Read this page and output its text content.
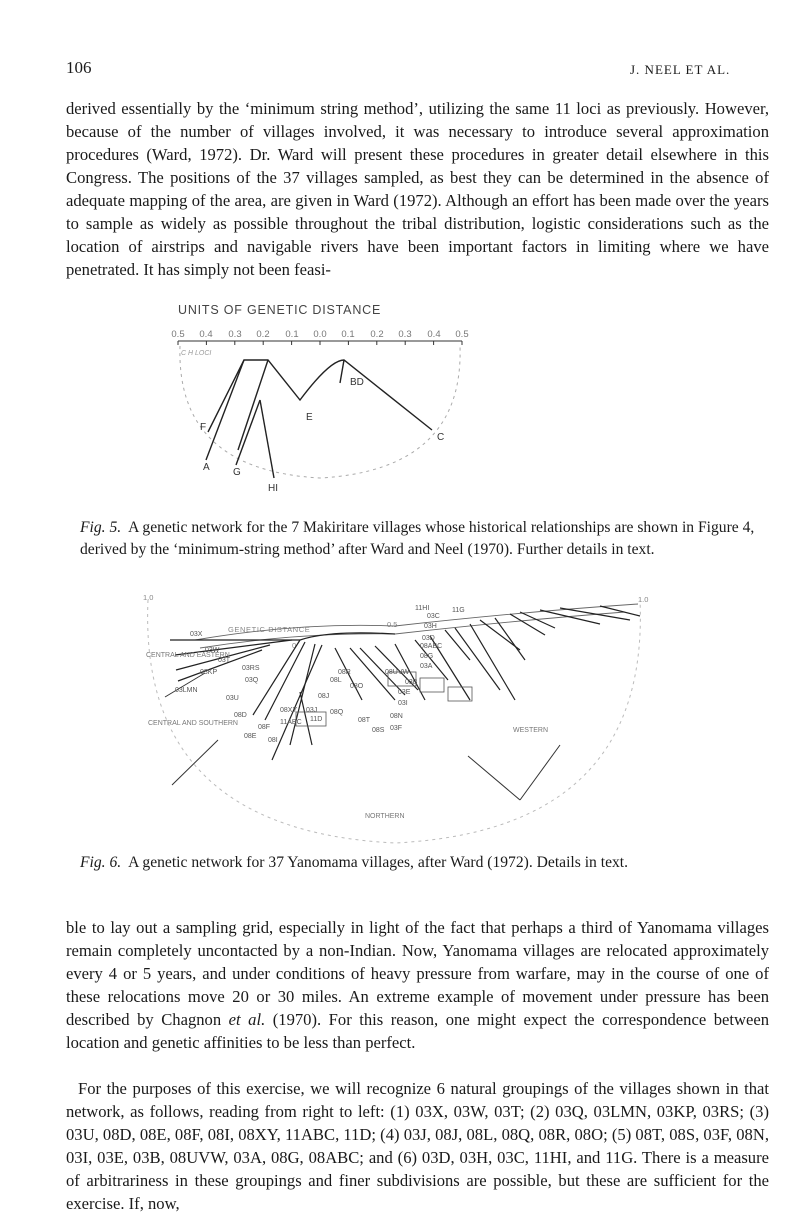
106	J. NEEL ET AL.

derived essentially by the ‘minimum string method’, utilizing the same 11 loci as previously. However, because of the number of villages involved, it was necessary to introduce several approximation procedures (Ward, 1972). Dr. Ward will present these procedures in greater detail elsewhere in this Congress. The positions of the 37 villages sampled, as best they can be determined in the absence of adequate mapping of the area, are given in Ward (1972). Although an effort has been made over the years to sample as widely as possible throughout the tribal distribution, logistic considerations such as the location of airstrips and navigable rivers have been important factors in limiting where we have penetrated. It has simply not been feasi-

UNITS OF GENETIC DISTANCE
0.5 0.4 0.3 0.2 0.1 0.0 0.1 0.2 0.3 0.4 0.5
C H LOCI
F
A G
HI
E
BD
C

Fig. 5. A genetic network for the 7 Makiritare villages whose historical relationships are shown in Figure 4, derived by the ‘minimum-string method’ after Ward and Neel (1970). Further details in text.

1.0	1.0
0.5
0
GENETIC DISTANCE
CENTRAL AND EASTERN
CENTRAL AND SOUTHERN
WESTERN
NORTHERN
03X
03W
03T
03KP
03RS
03Q
03LMN
03U
08D
08F
08E
08I
08XY
11ABC 11D
03J
08J
08L
08R
08O
08Q
08T
08S 03F
08N
03I
03E
03B
08UVW
03A
08G
08ABC
03D
03H
03C
11HI	11G

Fig. 6. A genetic network for 37 Yanomama villages, after Ward (1972). Details in text.

ble to lay out a sampling grid, especially in light of the fact that perhaps a third of Yanomama villages remain completely uncontacted by a non-Indian. Now, Yanomama villages are relocated approximately every 4 or 5 years, and under conditions of heavy pressure from warfare, may in the course of one of these relocations move 20 or 30 miles. An extreme example of movement under pressure has been described by Chagnon et al. (1970). For this reason, one might expect the correspondence between location and genetic affinities to be less than perfect.

For the purposes of this exercise, we will recognize 6 natural groupings of the villages shown in that network, as follows, reading from right to left: (1) 03X, 03W, 03T; (2) 03Q, 03LMN, 03KP, 03RS; (3) 03U, 08D, 08E, 08F, 08I, 08XY, 11ABC, 11D; (4) 03J, 08J, 08L, 08Q, 08R, 08O; (5) 08T, 08S, 03F, 08N, 03I, 03E, 03B, 08UVW, 03A, 08G, 08ABC; and (6) 03D, 03H, 03C, 11HI, and 11G. There is a measure of arbitrariness in these groupings and finer subdivisions are possible, but these are sufficient for the exercise. If, now,
